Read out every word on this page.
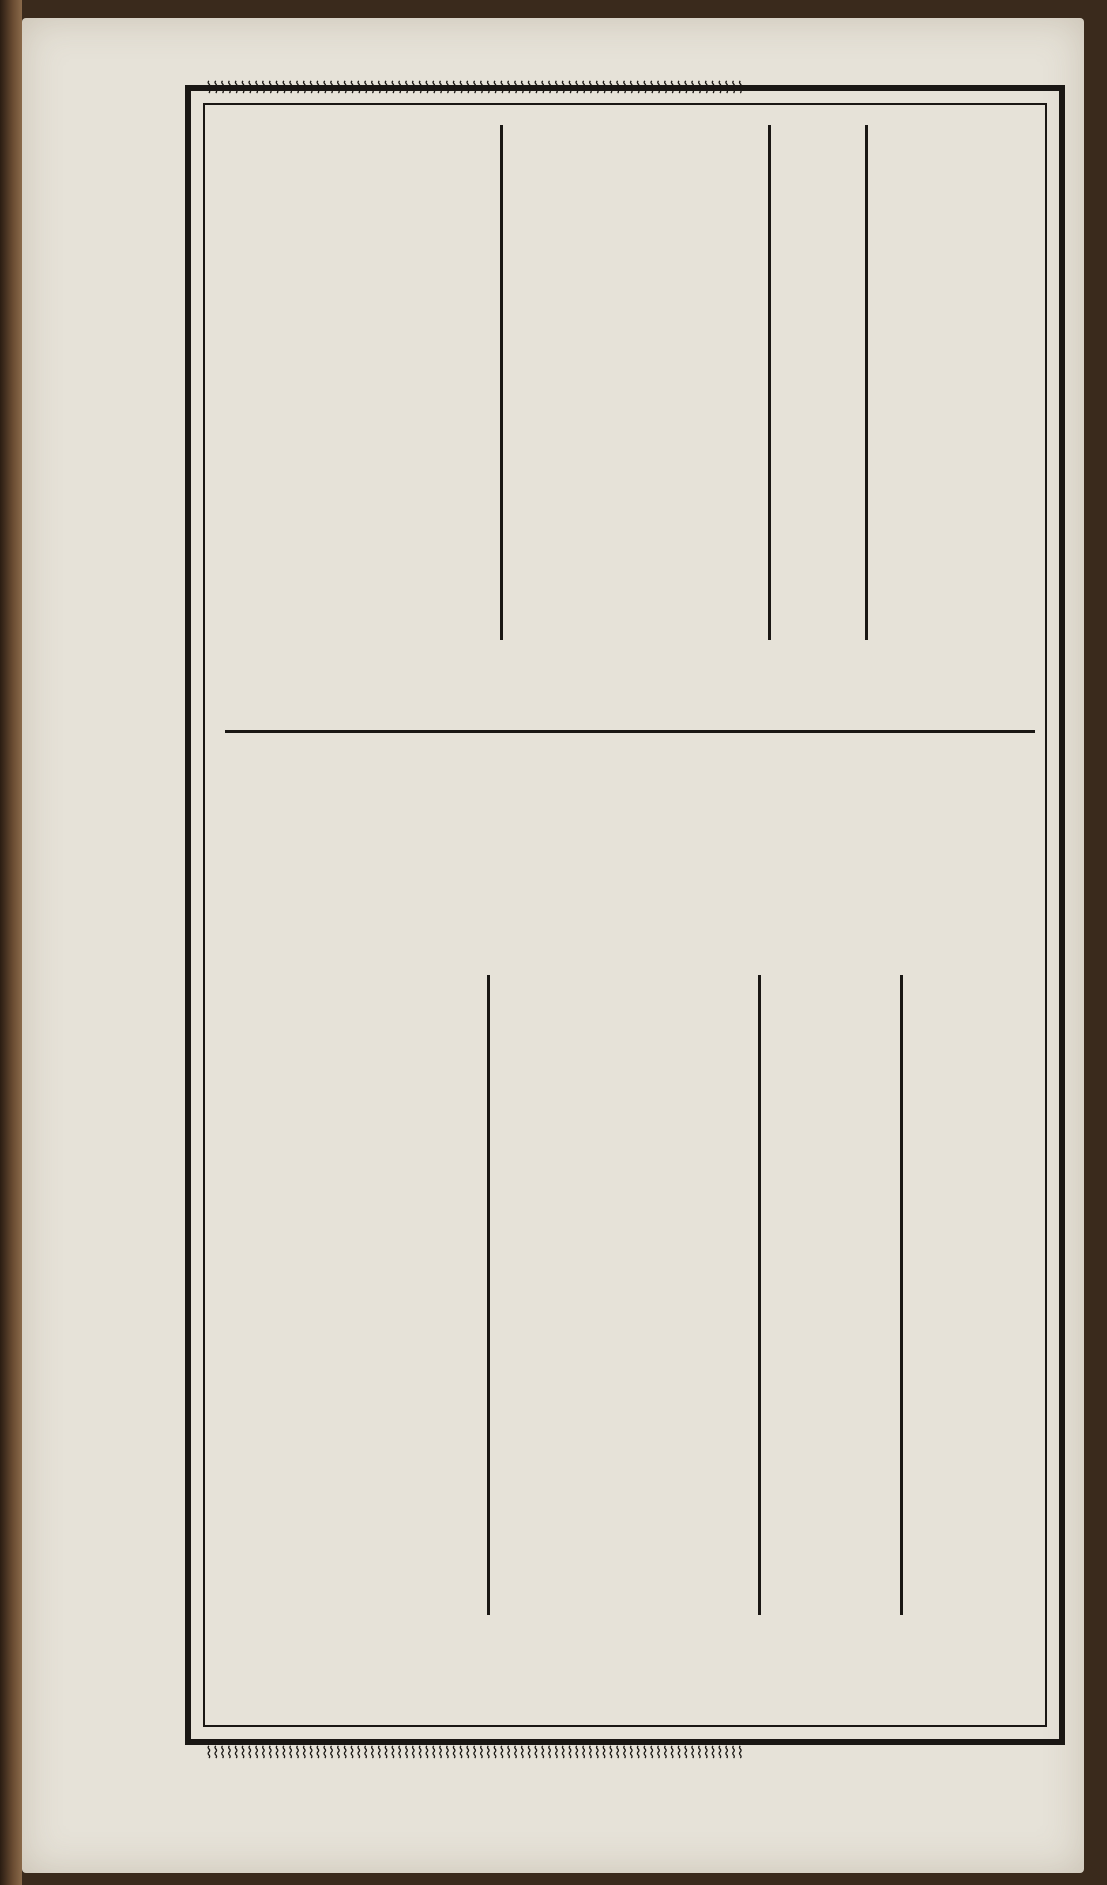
⌇⌇⌇⌇⌇⌇⌇⌇⌇⌇⌇⌇⌇⌇⌇⌇⌇⌇⌇⌇⌇⌇⌇⌇⌇⌇⌇⌇⌇⌇⌇⌇⌇⌇⌇⌇⌇⌇⌇⌇⌇⌇⌇⌇⌇⌇⌇⌇⌇⌇⌇⌇⌇⌇⌇⌇⌇⌇⌇⌇⌇⌇⌇⌇⌇⌇⌇⌇⌇⌇⌇⌇⌇⌇⌇⌇⌇⌇⌇
⌇⌇⌇⌇⌇⌇⌇⌇⌇⌇⌇⌇⌇⌇⌇⌇⌇⌇⌇⌇⌇⌇⌇⌇⌇⌇⌇⌇⌇⌇⌇⌇⌇⌇⌇⌇⌇⌇⌇⌇⌇⌇⌇⌇⌇⌇⌇⌇⌇⌇⌇⌇⌇⌇⌇⌇⌇⌇⌇⌇⌇⌇⌇⌇⌇⌇⌇⌇⌇⌇⌇⌇⌇⌇⌇⌇⌇⌇⌇
